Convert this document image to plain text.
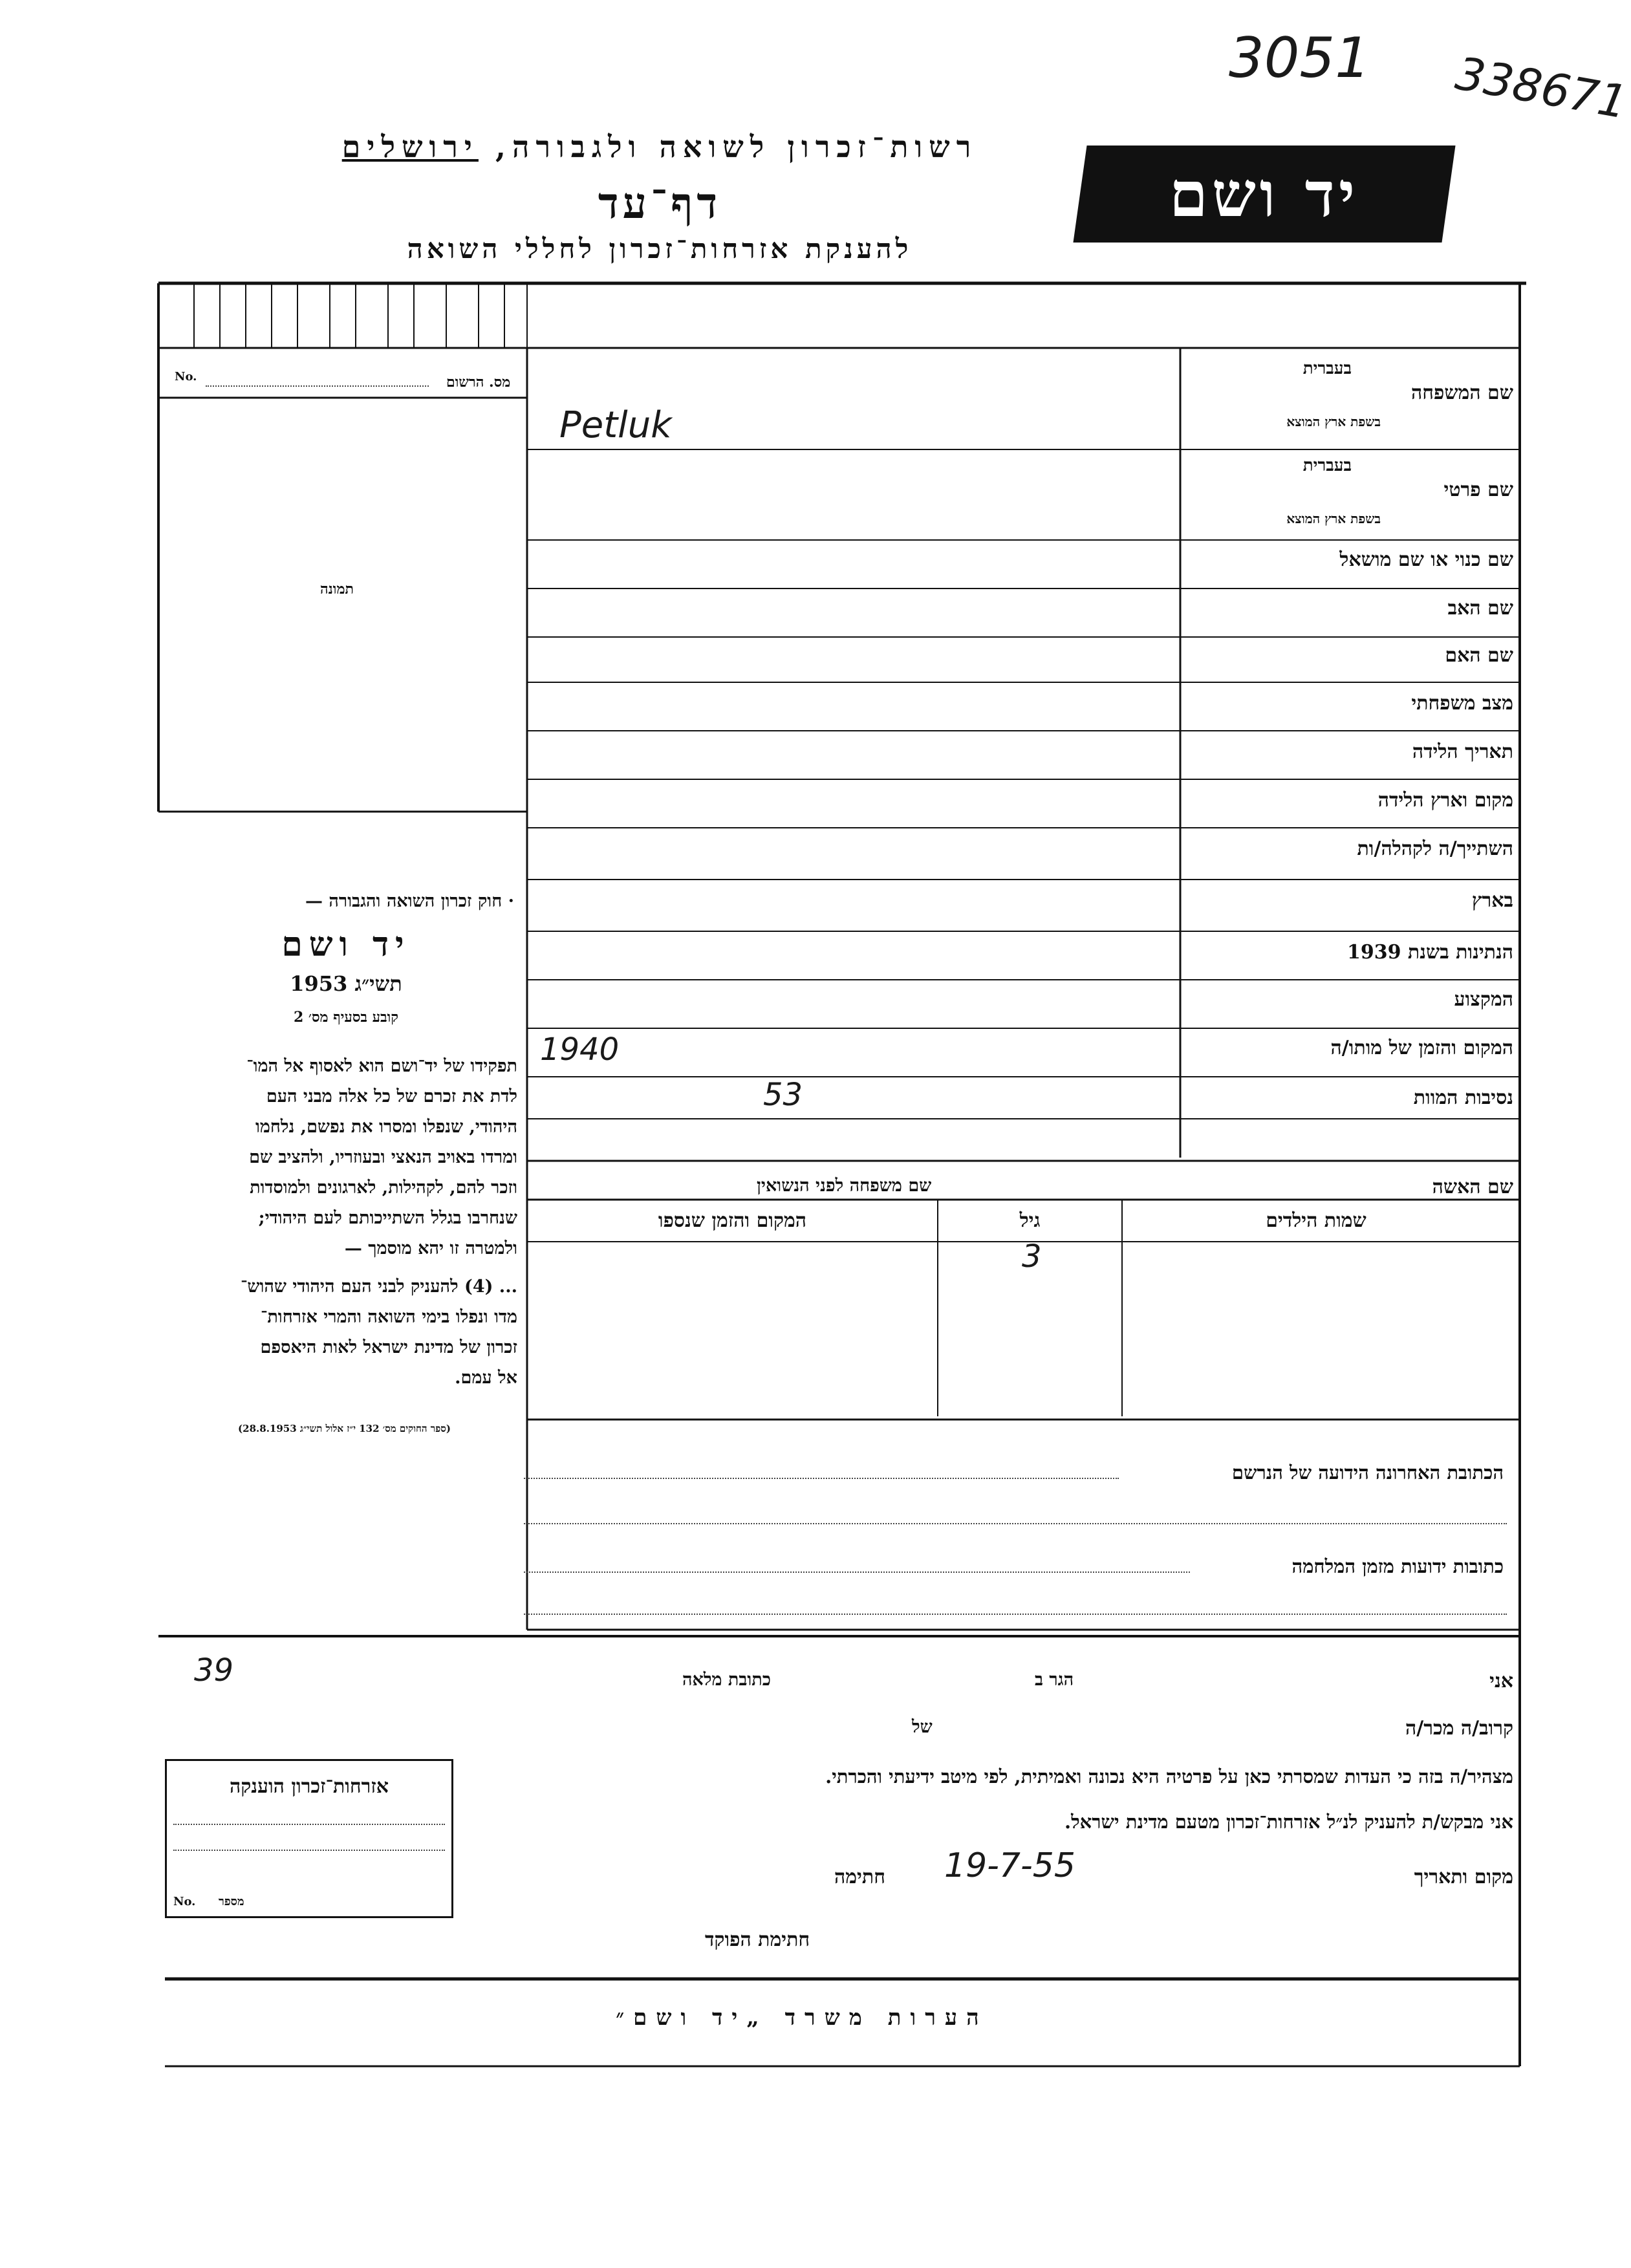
3051 338671
רשות־זכרון לשואה ולגבורה, ירושלים
דף־עד
להענקת אזרחות־זכרון לחללי השואה
יד ושם
No.	מס. הרשום
תמונה
· חוק זכרון השואה והגבורה —
יד ושם
תשי״ג 1953
קובע בסעיף מס׳ 2
תפקידו של יד־ושם הוא לאסוף אל המו־
לדת את זכרם של כל אלה מבני העם
היהודי, שנפלו ומסרו את נפשם, נלחמו
ומרדו באויב הנאצי ובעוזריו, ולהציב שם
וזכר להם, לקהילות, לארגונים ולמוסדות
שנחרבו בגלל השתייכותם לעם היהודי;
ולמטרה זו יהא מוסמך —
... (4) להעניק לבני העם היהודי שהוש־
מדו ונפלו בימי השואה והמרי אזרחות־
זכרון של מדינת ישראל לאות היאספם
אל עמם.
(ספר החוקים מס׳ 132 י״ז אלול תשי״ג 28.8.1953)
שם המשפחה
בעברית
בשפת ארץ המוצא
שם פרטי
בעברית
בשפת ארץ המוצא
שם כנוי או שם מושאל
שם האב
שם האם
מצב משפחתי
תאריך הלידה
מקום וארץ הלידה
השתייך/ה לקהלה/ות
בארץ
הנתינות בשנת 1939
המקצוע
המקום והזמן של מותו/ה
נסיבות המוות
Petluk
1940
53
שם האשה
שם משפחה לפני הנשואין
שמות הילדים
גיל
המקום והזמן שנספו
3
הכתובת האחרונה הידועה של הנרשם
כתובות ידועות מזמן המלחמה
אני
הגר ב
כתובת מלאה
39
קרוב/ה מכר/ה
של
מצהיר/ה בזה כי העדות שמסרתי כאן על פרטיה היא נכונה ואמיתית, לפי מיטב ידיעתי והכרתי.
אני מבקש/ת להעניק לנ״ל אזרחות־זכרון מטעם מדינת ישראל.
מקום ותאריך
19-7-55
חתימה
חתימת הפוקד
אזרחות־זכרון הוענקה
No. מספר
הערות משרד „יד ושם״
